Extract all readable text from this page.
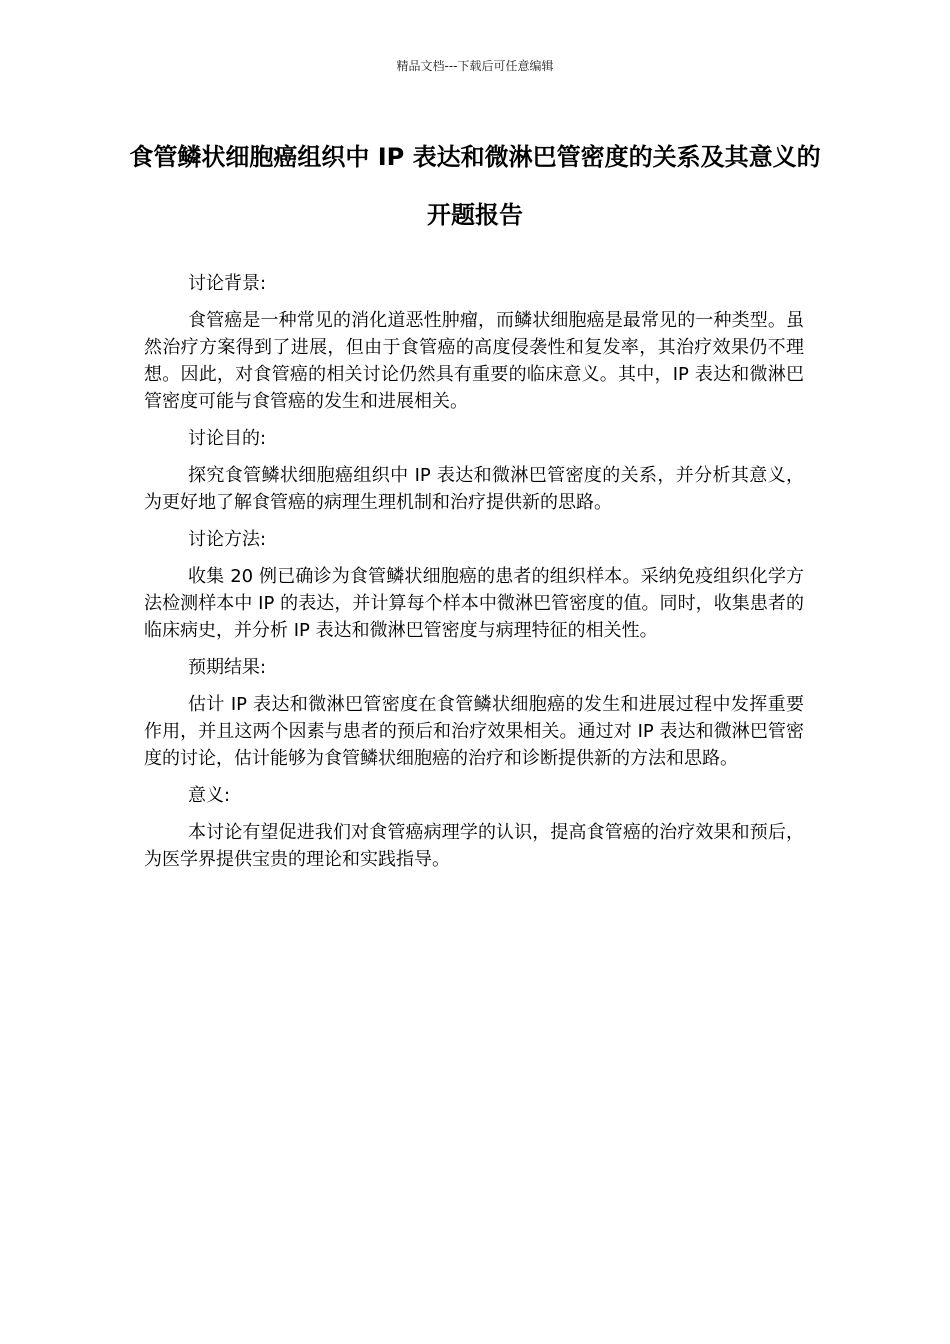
精品文档---下载后可任意编辑
食管鳞状细胞癌组织中 IP 表达和微淋巴管密度的关系及其意义的开题报告

讨论背景:

食管癌是一种常见的消化道恶性肿瘤，而鳞状细胞癌是最常见的一种类型。虽然治疗方案得到了进展，但由于食管癌的高度侵袭性和复发率，其治疗效果仍不理想。因此，对食管癌的相关讨论仍然具有重要的临床意义。其中，IP 表达和微淋巴管密度可能与食管癌的发生和进展相关。

讨论目的:

探究食管鳞状细胞癌组织中 IP 表达和微淋巴管密度的关系，并分析其意义，为更好地了解食管癌的病理生理机制和治疗提供新的思路。

讨论方法:

收集 20 例已确诊为食管鳞状细胞癌的患者的组织样本。采纳免疫组织化学方法检测样本中 IP 的表达，并计算每个样本中微淋巴管密度的值。同时，收集患者的临床病史，并分析 IP 表达和微淋巴管密度与病理特征的相关性。

预期结果:

估计 IP 表达和微淋巴管密度在食管鳞状细胞癌的发生和进展过程中发挥重要作用，并且这两个因素与患者的预后和治疗效果相关。通过对 IP 表达和微淋巴管密度的讨论，估计能够为食管鳞状细胞癌的治疗和诊断提供新的方法和思路。

意义:

本讨论有望促进我们对食管癌病理学的认识，提高食管癌的治疗效果和预后，为医学界提供宝贵的理论和实践指导。
